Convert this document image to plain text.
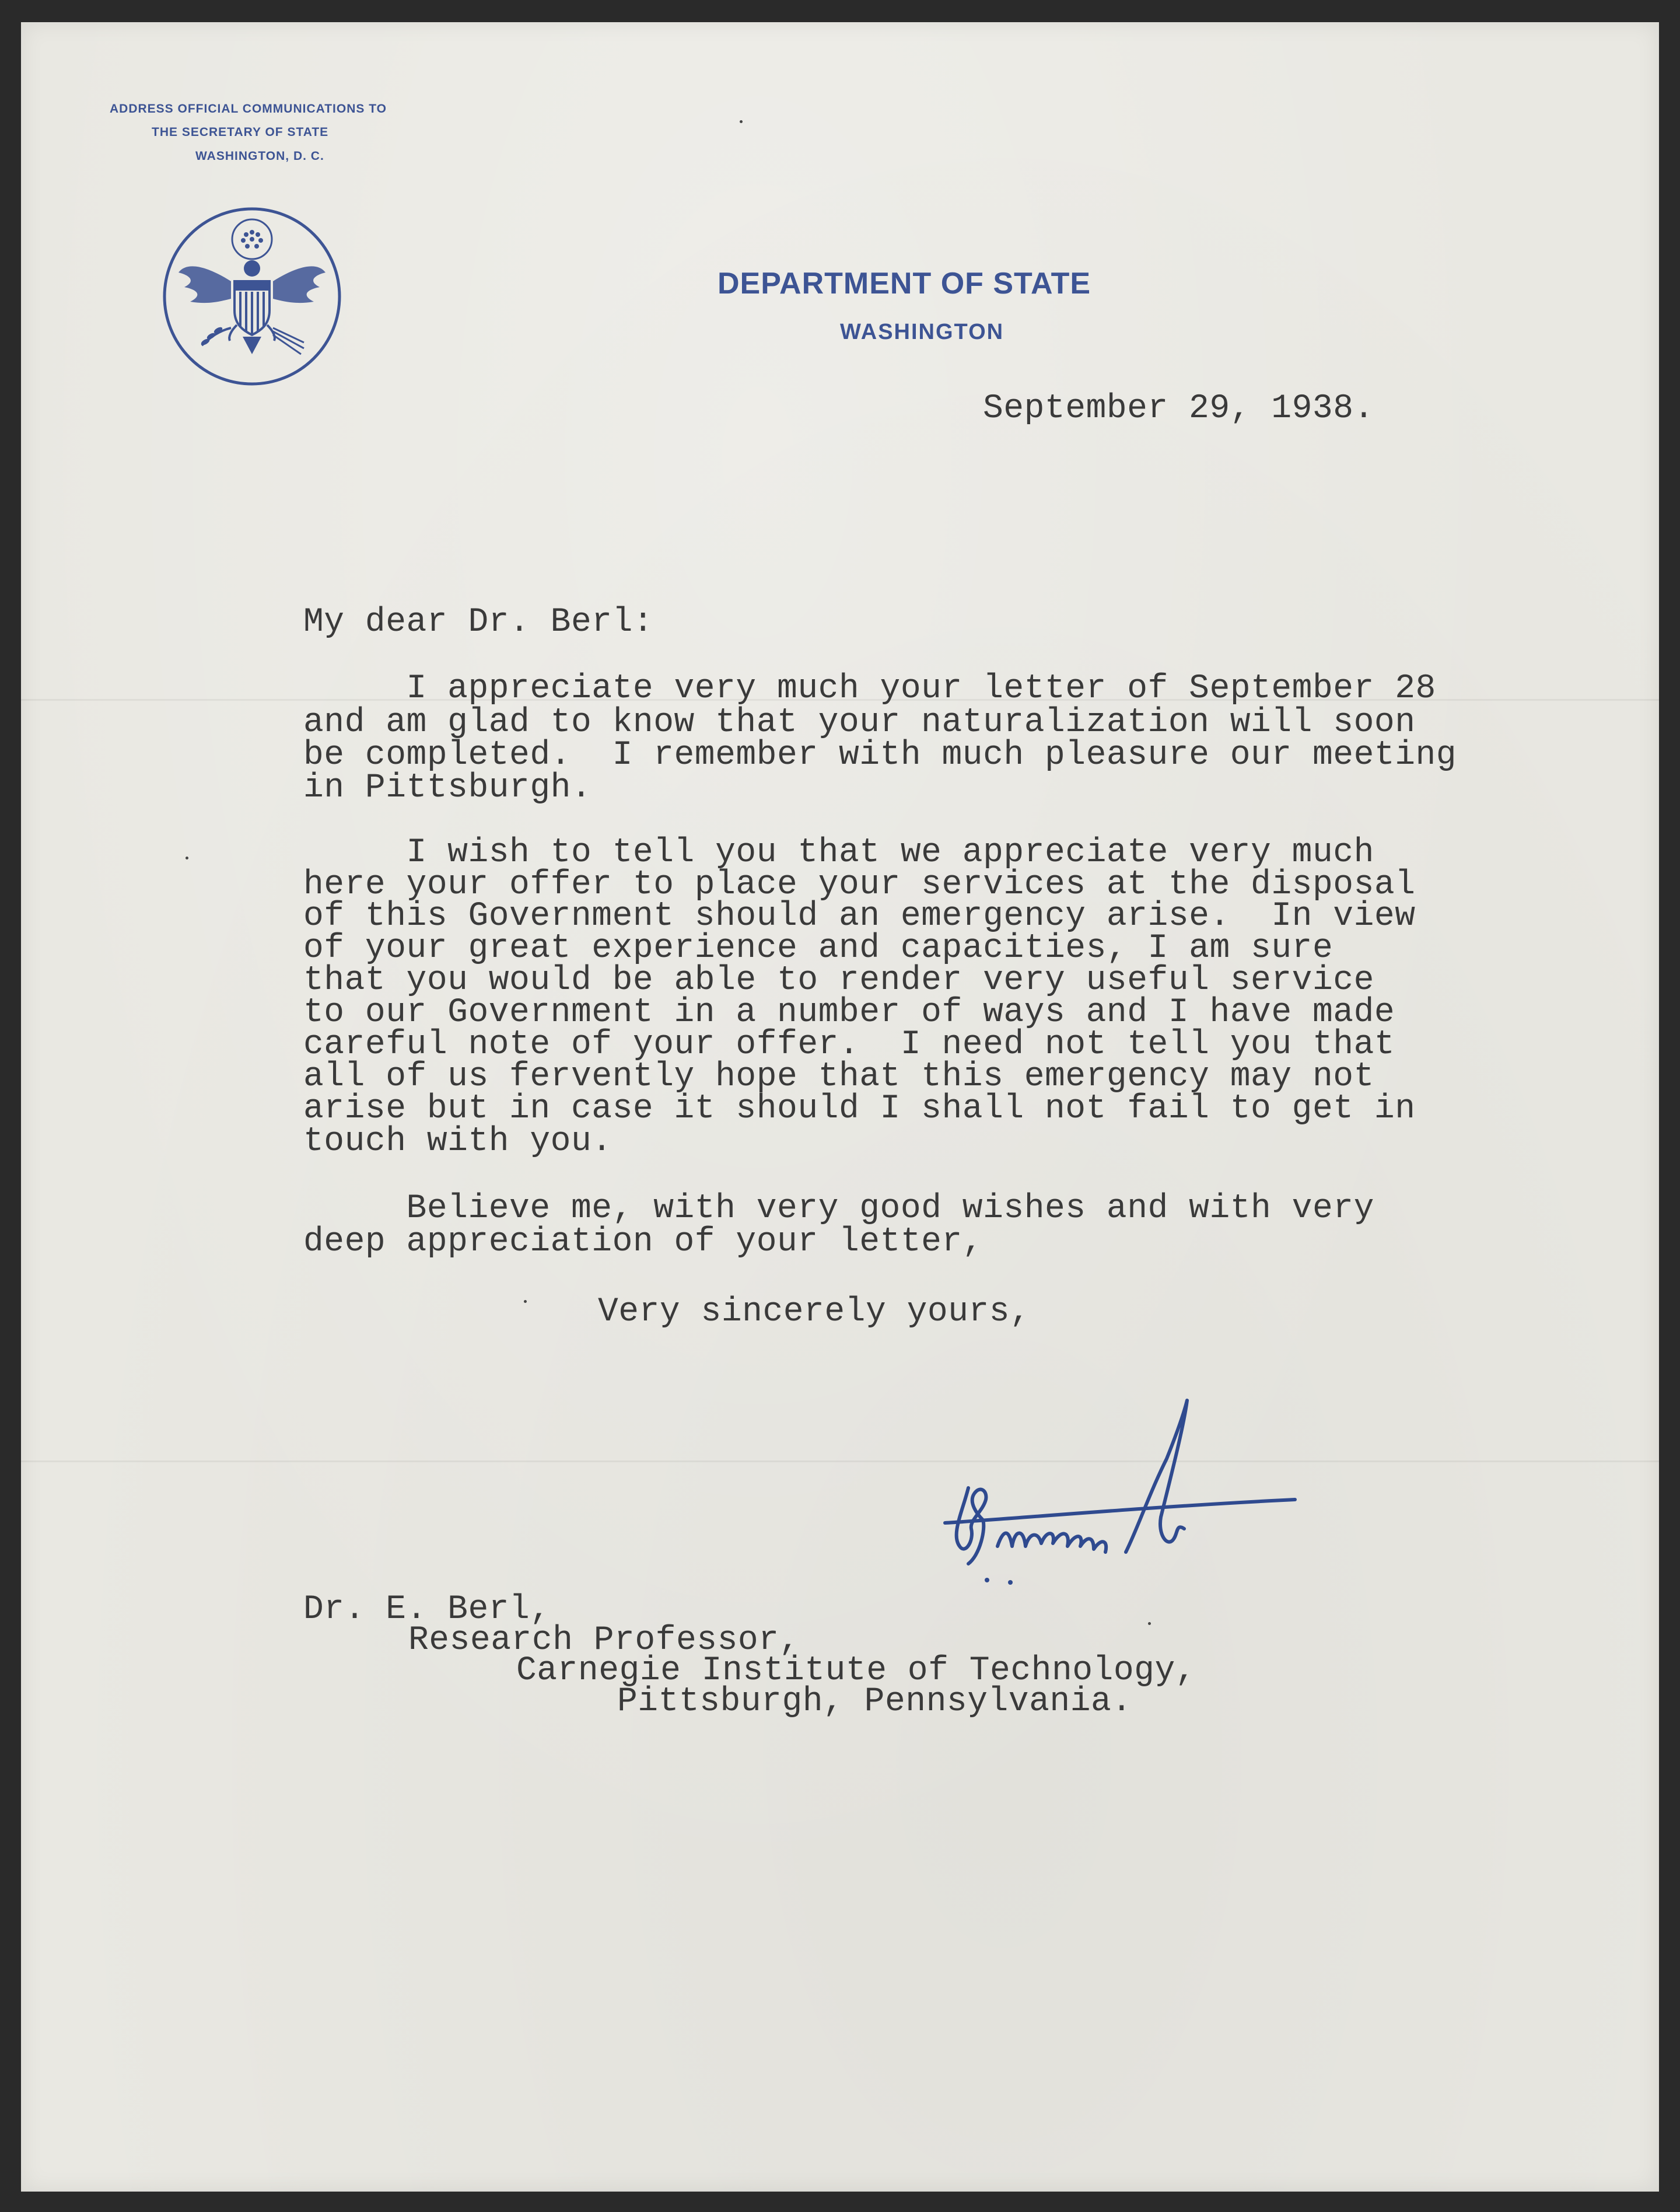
ADDRESS OFFICIAL COMMUNICATIONS TO
THE SECRETARY OF STATE
WASHINGTON, D. C.
DEPARTMENT OF STATE
WASHINGTON
September 29, 1938.
My dear Dr. Berl:
I appreciate very much your letter of September 28
and am glad to know that your naturalization will soon
be completed.  I remember with much pleasure our meeting
in Pittsburgh.
I wish to tell you that we appreciate very much
here your offer to place your services at the disposal
of this Government should an emergency arise.  In view
of your great experience and capacities, I am sure
that you would be able to render very useful service
to our Government in a number of ways and I have made
careful note of your offer.  I need not tell you that
all of us fervently hope that this emergency may not
arise but in case it should I shall not fail to get in
touch with you.
Believe me, with very good wishes and with very
deep appreciation of your letter,
Very sincerely yours,
Dr. E. Berl,
Research Professor,
Carnegie Institute of Technology,
Pittsburgh, Pennsylvania.
